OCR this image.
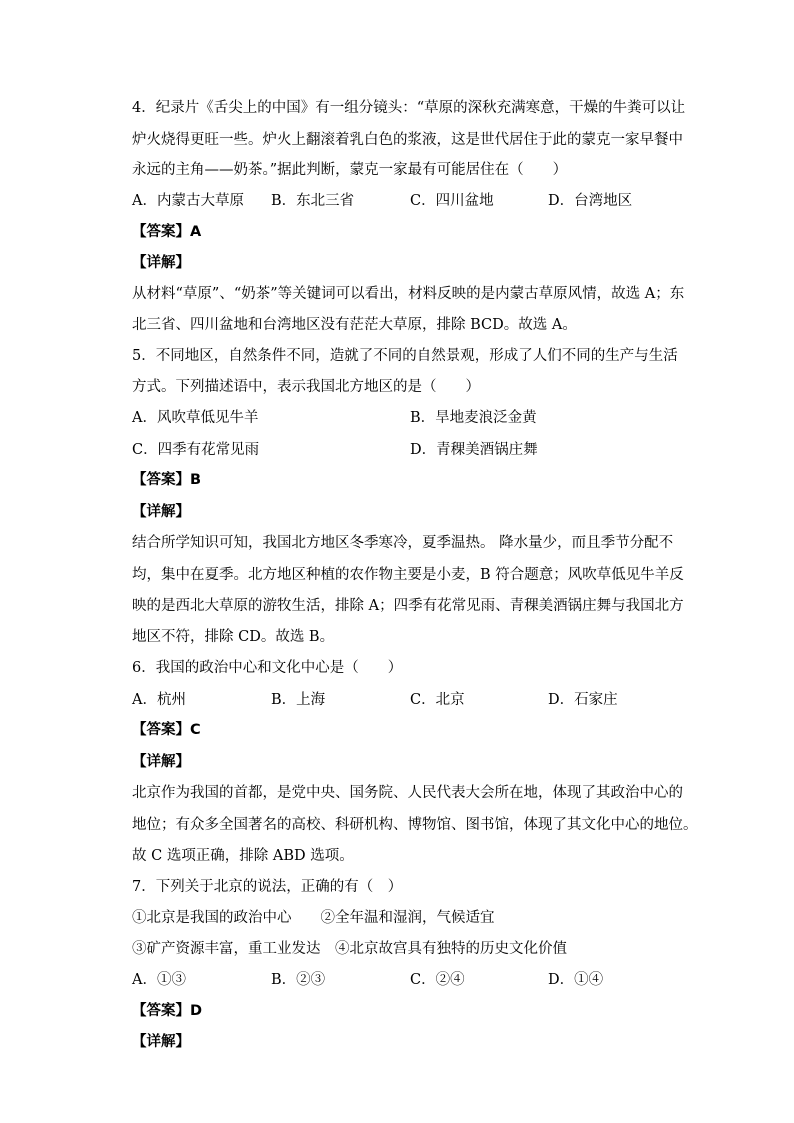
4．纪录片《舌尖上的中国》有一组分镜头：“草原的深秋充满寒意，干燥的牛粪可以让
炉火烧得更旺一些。炉火上翻滚着乳白色的浆液，这是世代居住于此的蒙克一家早餐中
永远的主角——奶茶。”据此判断，蒙克一家最有可能居住在（　　）
A．内蒙古大草原 B．东北三省	C．四川盆地	D．台湾地区
【答案】A
【详解】
从材料“草原”、“奶茶”等关键词可以看出，材料反映的是内蒙古草原风情，故选 A；东
北三省、四川盆地和台湾地区没有茫茫大草原，排除 BCD。故选 A。
5．不同地区，自然条件不同，造就了不同的自然景观，形成了人们不同的生产与生活
方式。下列描述语中，表示我国北方地区的是（　　）
A．风吹草低见牛羊	B．旱地麦浪泛金黄
C．四季有花常见雨	D．青稞美酒锅庄舞
【答案】B
【详解】
结合所学知识可知，我国北方地区冬季寒冷，夏季温热。 降水量少，而且季节分配不
均，集中在夏季。北方地区种植的农作物主要是小麦，B 符合题意；风吹草低见牛羊反
映的是西北大草原的游牧生活，排除 A；四季有花常见雨、青稞美酒锅庄舞与我国北方
地区不符，排除 CD。故选 B。
6．我国的政治中心和文化中心是（　　）
A．杭州	B．上海	C．北京	D．石家庄
【答案】C
【详解】
北京作为我国的首都，是党中央、国务院、人民代表大会所在地，体现了其政治中心的
地位；有众多全国著名的高校、科研机构、博物馆、图书馆，体现了其文化中心的地位。
故 C 选项正确，排除 ABD 选项。
7．下列关于北京的说法，正确的有（　）
①北京是我国的政治中心　　②全年温和湿润，气候适宜
③矿产资源丰富，重工业发达　④北京故宫具有独特的历史文化价值
A．①③	B．②③	C．②④	D．①④
【答案】D
【详解】
